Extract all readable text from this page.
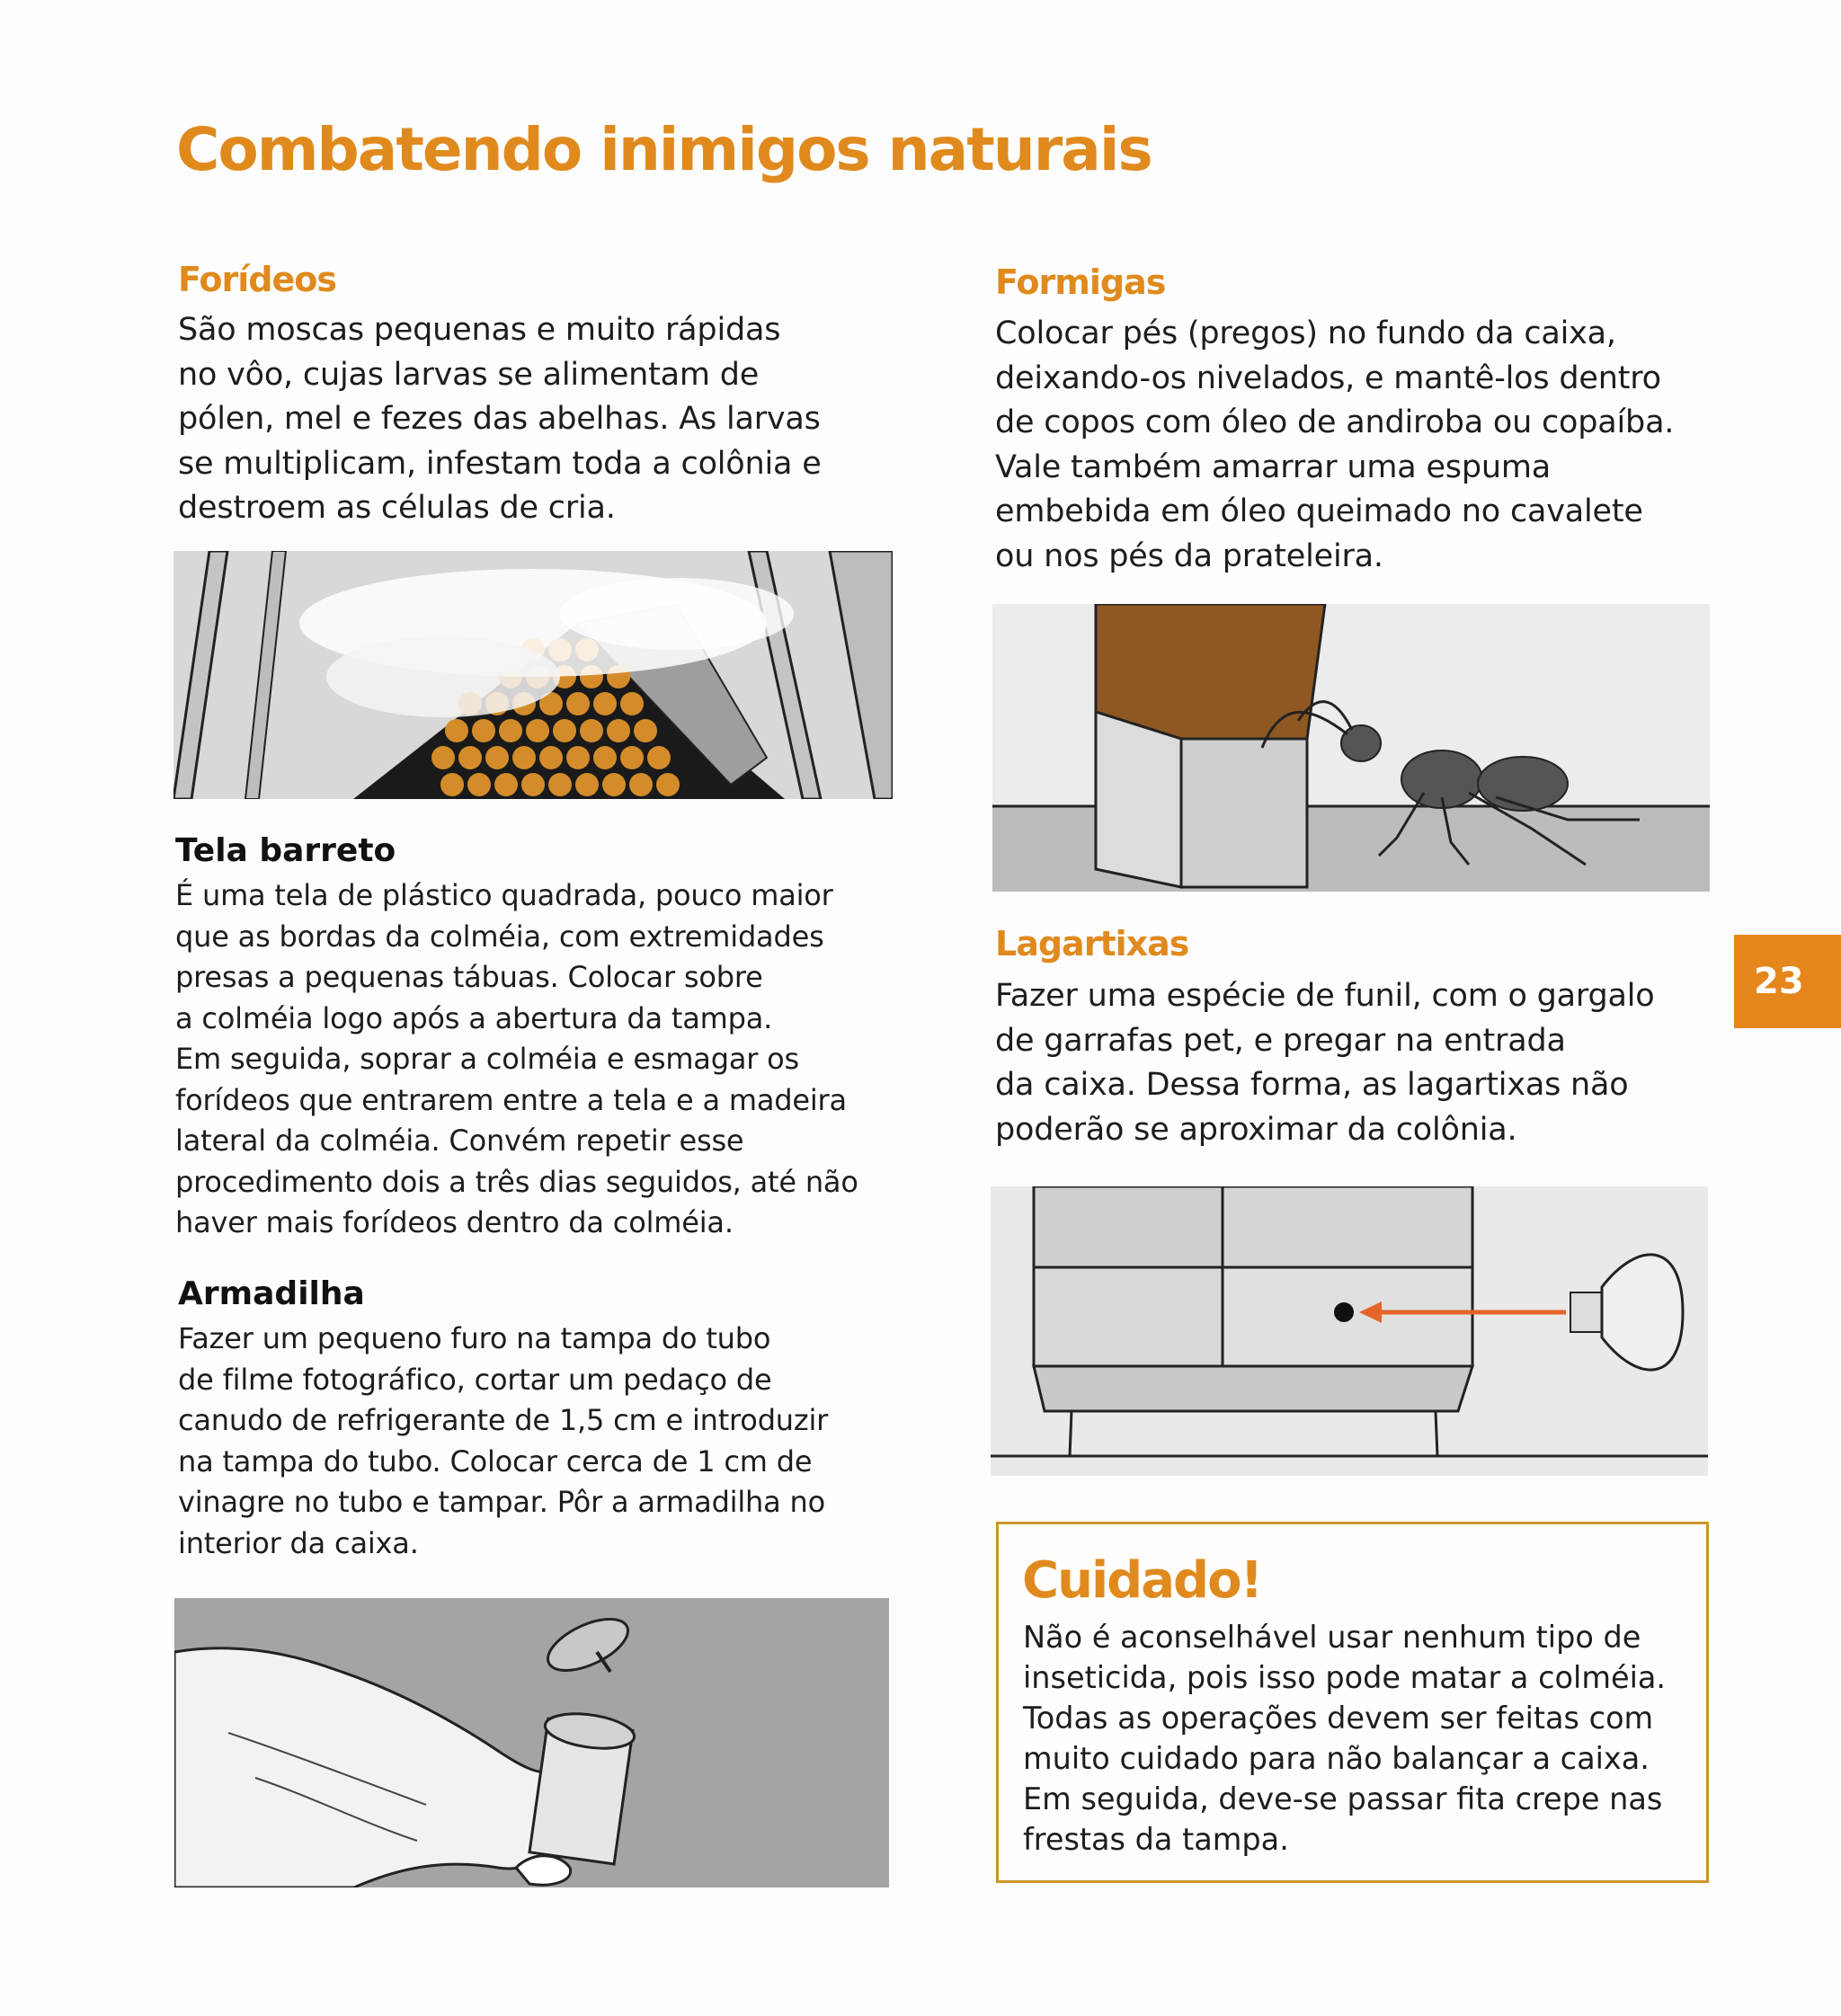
Combatendo inimigos naturais
Forídeos

São moscas pequenas e muito rápidas
no vôo, cujas larvas se alimentam de
pólen, mel e fezes das abelhas. As larvas
se multiplicam, infestam toda a colônia e
destroem as células de cria.

Tela barreto

É uma tela de plástico quadrada, pouco maior
que as bordas da colméia, com extremidades
presas a pequenas tábuas. Colocar sobre
a colméia logo após a abertura da tampa.
Em seguida, soprar a colméia e esmagar os
forídeos que entrarem entre a tela e a madeira
lateral da colméia. Convém repetir esse
procedimento dois a três dias seguidos, até não
haver mais forídeos dentro da colméia.

Armadilha

Fazer um pequeno furo na tampa do tubo
de filme fotográfico, cortar um pedaço de
canudo de refrigerante de 1,5 cm e introduzir
na tampa do tubo. Colocar cerca de 1 cm de
vinagre no tubo e tampar. Pôr a armadilha no
interior da caixa.

Formigas

Colocar pés (pregos) no fundo da caixa,
deixando-os nivelados, e mantê-los dentro
de copos com óleo de andiroba ou copaíba.
Vale também amarrar uma espuma
embebida em óleo queimado no cavalete
ou nos pés da prateleira.

Lagartixas

Fazer uma espécie de funil, com o gargalo
de garrafas pet, e pregar na entrada
da caixa. Dessa forma, as lagartixas não
poderão se aproximar da colônia.

23
Cuidado!

Não é aconselhável usar nenhum tipo de
inseticida, pois isso pode matar a colméia.
Todas as operações devem ser feitas com
muito cuidado para não balançar a caixa.
Em seguida, deve-se passar fita crepe nas
frestas da tampa.
